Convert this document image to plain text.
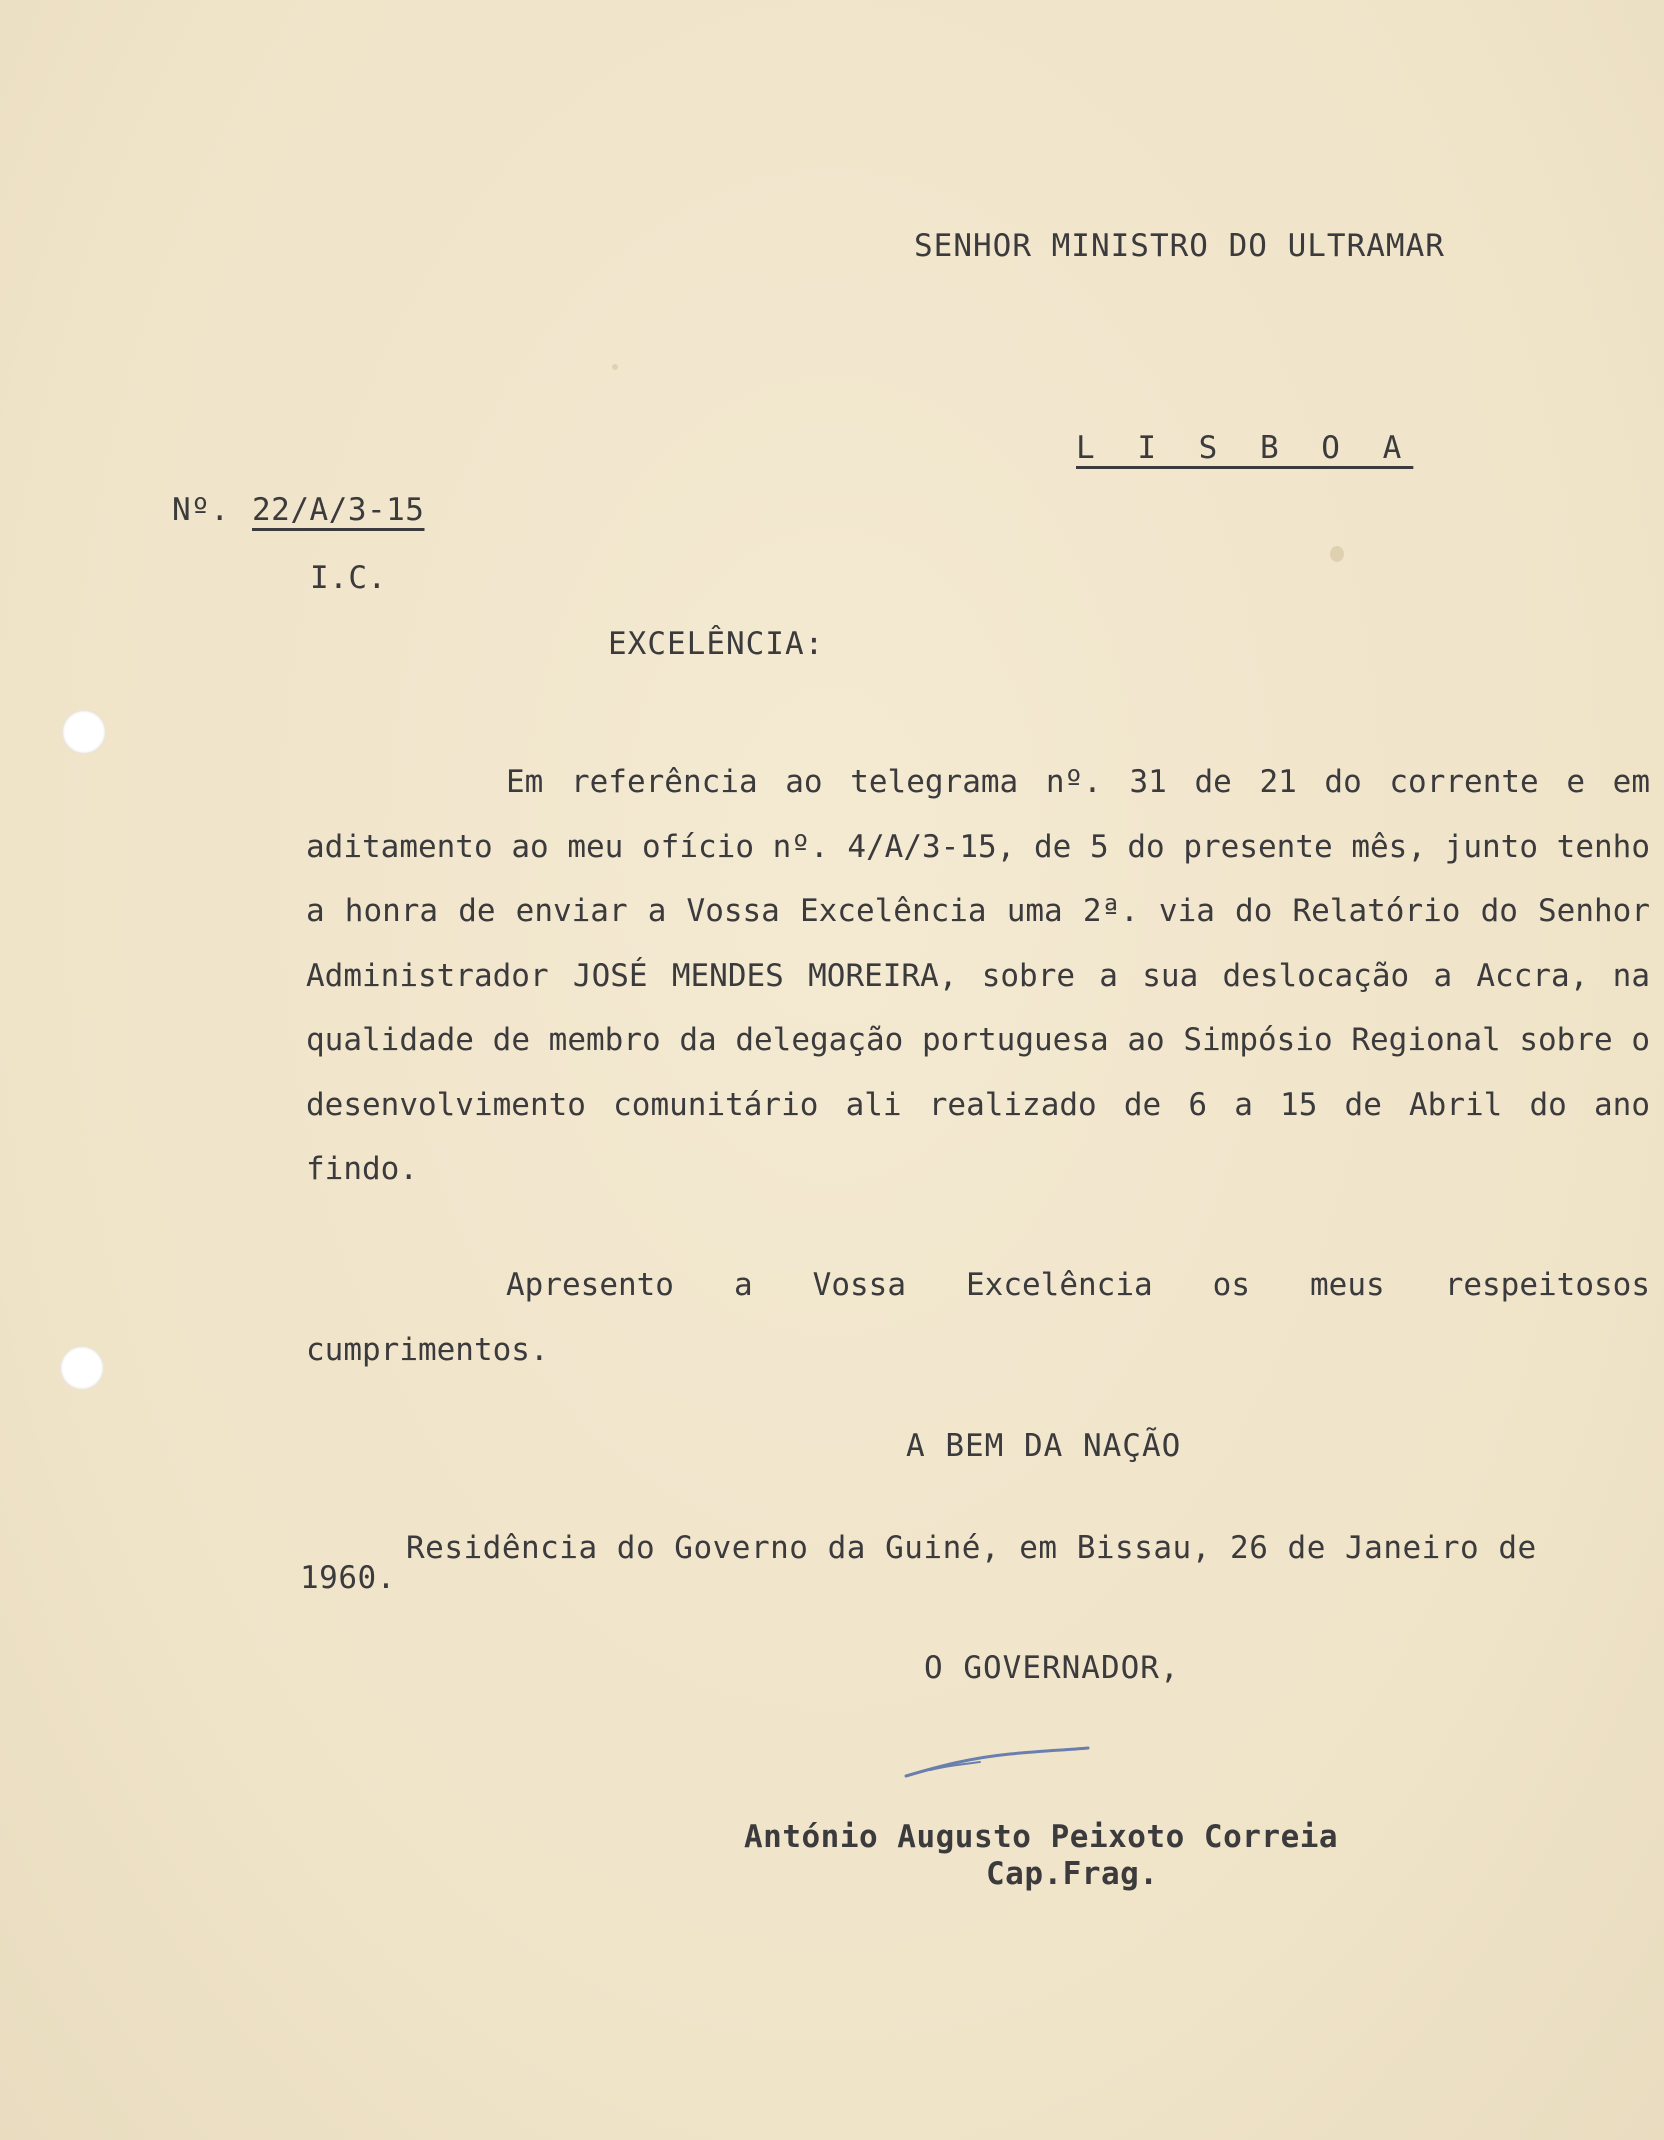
SENHOR MINISTRO DO ULTRAMAR
L I S B O A
Nº. 22/A/3-15
I.C.
EXCELÊNCIA:
Em referência ao telegrama nº. 31 de 21 do corrente e em aditamento ao meu ofício nº. 4/A/3-15, de 5 do presente mês, junto tenho a honra de enviar a Vossa Excelência uma 2ª. via do Relatório do Senhor Administrador JOSÉ MENDES MOREIRA, sobre a sua deslocação a Accra, na qualidade de membro da delegação portuguesa ao Simpósio Regional sobre o desenvolvimento comunitário ali realizado de 6 a 15 de Abril do ano findo.
Apresento a Vossa Excelência os meus respeitosos cumprimentos.
A BEM DA NAÇÃO
Residência do Governo da Guiné, em Bissau, 26 de Janeiro de
1960.
O GOVERNADOR,
António Augusto Peixoto Correia
Cap.Frag.
